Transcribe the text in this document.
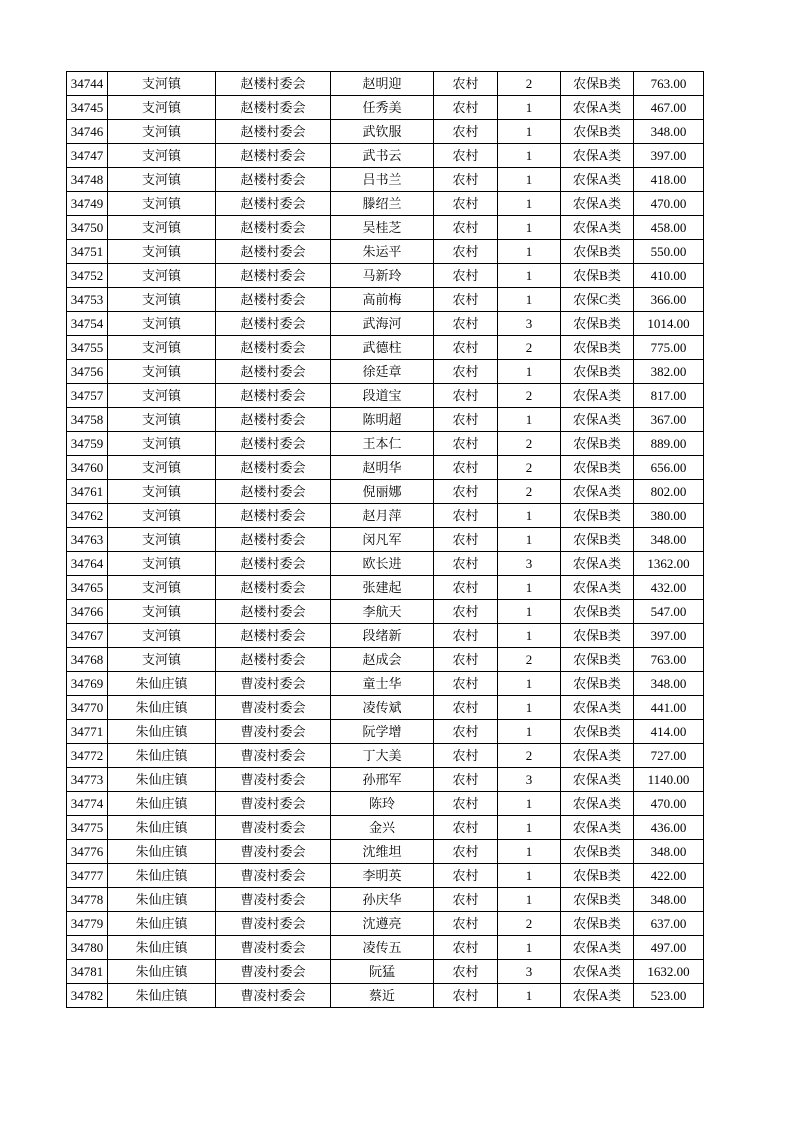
34744	支河镇	赵楼村委会	赵明迎	农村	2	农保B类	763.00
34745	支河镇	赵楼村委会	任秀美	农村	1	农保A类	467.00
34746	支河镇	赵楼村委会	武钦服	农村	1	农保B类	348.00
34747	支河镇	赵楼村委会	武书云	农村	1	农保A类	397.00
34748	支河镇	赵楼村委会	吕书兰	农村	1	农保A类	418.00
34749	支河镇	赵楼村委会	滕绍兰	农村	1	农保A类	470.00
34750	支河镇	赵楼村委会	吴桂芝	农村	1	农保A类	458.00
34751	支河镇	赵楼村委会	朱运平	农村	1	农保B类	550.00
34752	支河镇	赵楼村委会	马新玲	农村	1	农保B类	410.00
34753	支河镇	赵楼村委会	高前梅	农村	1	农保C类	366.00
34754	支河镇	赵楼村委会	武海河	农村	3	农保B类	1014.00
34755	支河镇	赵楼村委会	武德柱	农村	2	农保B类	775.00
34756	支河镇	赵楼村委会	徐廷章	农村	1	农保B类	382.00
34757	支河镇	赵楼村委会	段道宝	农村	2	农保A类	817.00
34758	支河镇	赵楼村委会	陈明超	农村	1	农保A类	367.00
34759	支河镇	赵楼村委会	王本仁	农村	2	农保B类	889.00
34760	支河镇	赵楼村委会	赵明华	农村	2	农保B类	656.00
34761	支河镇	赵楼村委会	倪丽娜	农村	2	农保A类	802.00
34762	支河镇	赵楼村委会	赵月萍	农村	1	农保B类	380.00
34763	支河镇	赵楼村委会	闵凡军	农村	1	农保B类	348.00
34764	支河镇	赵楼村委会	欧长进	农村	3	农保A类	1362.00
34765	支河镇	赵楼村委会	张建起	农村	1	农保A类	432.00
34766	支河镇	赵楼村委会	李航天	农村	1	农保B类	547.00
34767	支河镇	赵楼村委会	段绪新	农村	1	农保B类	397.00
34768	支河镇	赵楼村委会	赵成会	农村	2	农保B类	763.00
34769	朱仙庄镇	曹凌村委会	童士华	农村	1	农保B类	348.00
34770	朱仙庄镇	曹凌村委会	凌传斌	农村	1	农保A类	441.00
34771	朱仙庄镇	曹凌村委会	阮学增	农村	1	农保B类	414.00
34772	朱仙庄镇	曹凌村委会	丁大美	农村	2	农保A类	727.00
34773	朱仙庄镇	曹凌村委会	孙邢军	农村	3	农保A类	1140.00
34774	朱仙庄镇	曹凌村委会	陈玲	农村	1	农保A类	470.00
34775	朱仙庄镇	曹凌村委会	金兴	农村	1	农保A类	436.00
34776	朱仙庄镇	曹凌村委会	沈维坦	农村	1	农保B类	348.00
34777	朱仙庄镇	曹凌村委会	李明英	农村	1	农保B类	422.00
34778	朱仙庄镇	曹凌村委会	孙庆华	农村	1	农保B类	348.00
34779	朱仙庄镇	曹凌村委会	沈遵亮	农村	2	农保B类	637.00
34780	朱仙庄镇	曹凌村委会	凌传五	农村	1	农保A类	497.00
34781	朱仙庄镇	曹凌村委会	阮猛	农村	3	农保A类	1632.00
34782	朱仙庄镇	曹凌村委会	蔡近	农村	1	农保A类	523.00
